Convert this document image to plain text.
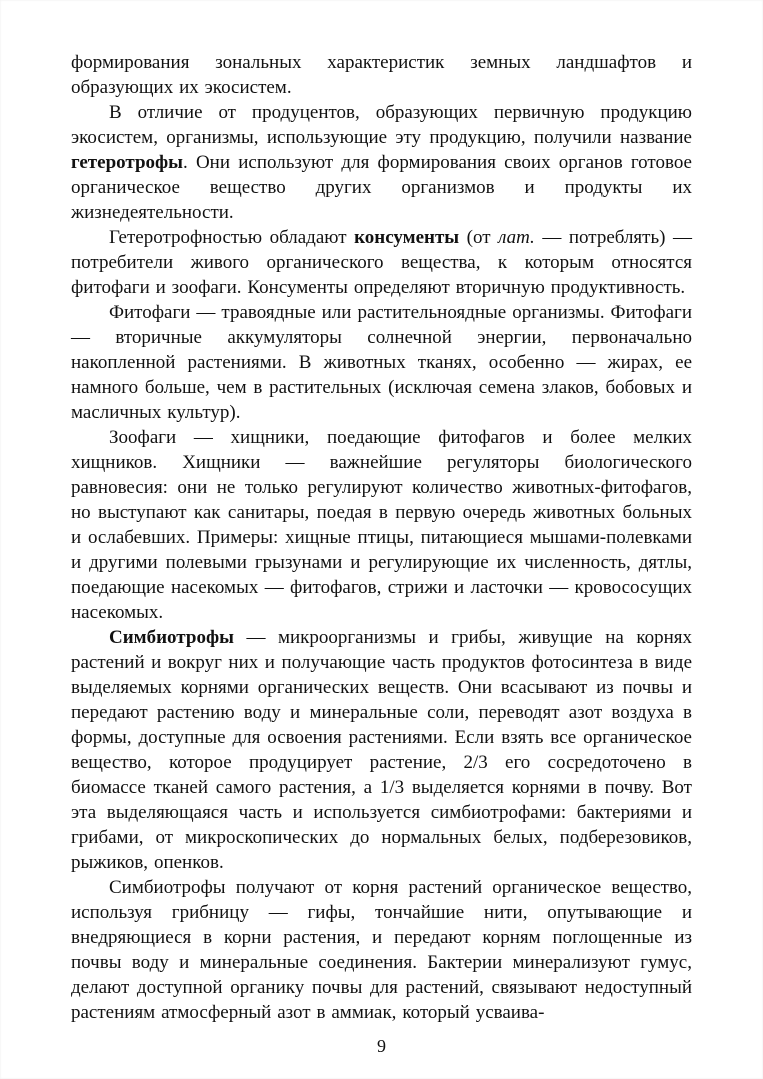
формирования зональных характеристик земных ландшафтов и образующих их экосистем.

В отличие от продуцентов, образующих первичную продукцию экосистем, организмы, использующие эту продукцию, получили название гетеротрофы. Они используют для формирования своих органов готовое органическое вещество других организмов и продукты их жизнедеятельности.

Гетеротрофностью обладают консументы (от лат. — потреблять) — потребители живого органического вещества, к которым относятся фитофаги и зоофаги. Консументы определяют вторичную продуктивность.

Фитофаги — травоядные или растительноядные организмы. Фитофаги — вторичные аккумуляторы солнечной энергии, первоначально накопленной растениями. В животных тканях, особенно — жирах, ее намного больше, чем в растительных (исключая семена злаков, бобовых и масличных культур).

Зоофаги — хищники, поедающие фитофагов и более мелких хищников. Хищники — важнейшие регуляторы биологического равновесия: они не только регулируют количество животных-фитофагов, но выступают как санитары, поедая в первую очередь животных больных и ослабевших. Примеры: хищные птицы, питающиеся мышами-полевками и другими полевыми грызунами и регулирующие их численность, дятлы, поедающие насекомых — фитофагов, стрижи и ласточки — кровососущих насекомых.

Симбиотрофы — микроорганизмы и грибы, живущие на корнях растений и вокруг них и получающие часть продуктов фотосинтеза в виде выделяемых корнями органических веществ. Они всасывают из почвы и передают растению воду и минеральные соли, переводят азот воздуха в формы, доступные для освоения растениями. Если взять все органическое вещество, которое продуцирует растение, 2/3 его сосредоточено в биомассе тканей самого растения, а 1/3 выделяется корнями в почву. Вот эта выделяющаяся часть и используется симбиотрофами: бактериями и грибами, от микроскопических до нормальных белых, подберезовиков, рыжиков, опенков.

Симбиотрофы получают от корня растений органическое вещество, используя грибницу — гифы, тончайшие нити, опутывающие и внедряющиеся в корни растения, и передают корням поглощенные из почвы воду и минеральные соединения. Бактерии минерализуют гумус, делают доступной органику почвы для растений, связывают недоступный растениям атмосферный азот в аммиак, который усваива-

9
